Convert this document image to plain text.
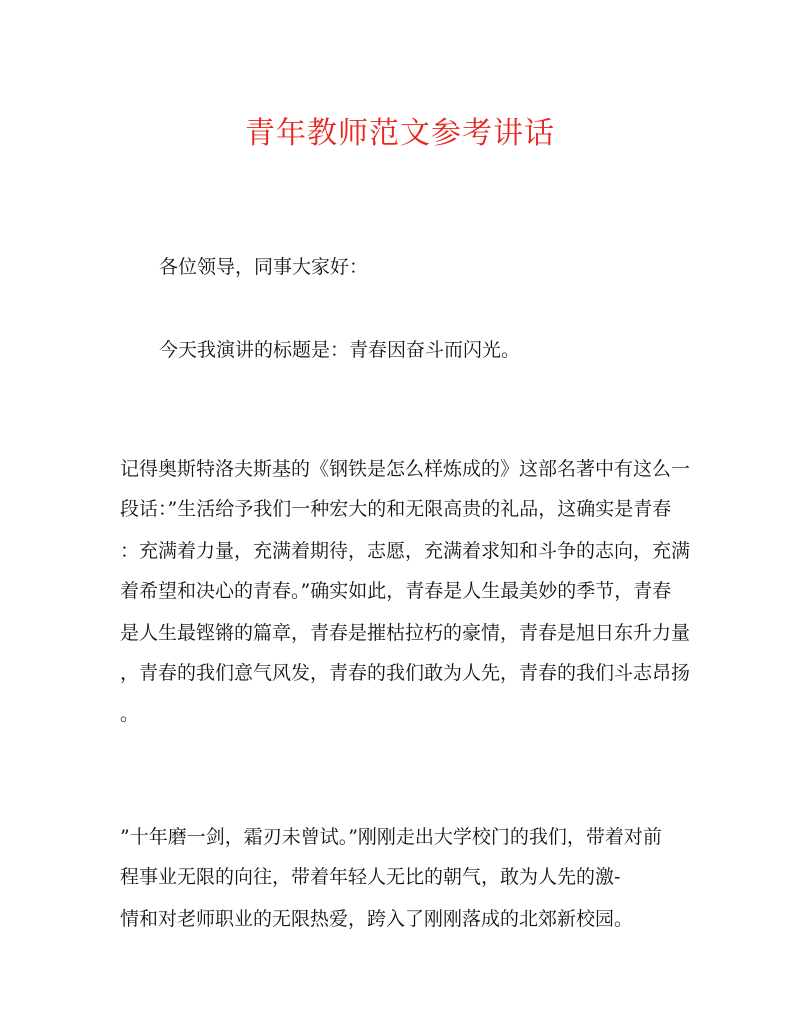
青年教师范文参考讲话
各位领导，同事大家好：
今天我演讲的标题是：青春因奋斗而闪光。
记得奥斯特洛夫斯基的《钢铁是怎么样炼成的》这部名著中有这么一
段话：”生活给予我们一种宏大的和无限高贵的礼品，这确实是青春
：充满着力量，充满着期待，志愿，充满着求知和斗争的志向，充满
着希望和决心的青春。”确实如此，青春是人生最美妙的季节，青春
是人生最铿锵的篇章，青春是摧枯拉朽的豪情，青春是旭日东升力量
，青春的我们意气风发，青春的我们敢为人先，青春的我们斗志昂扬
。
”十年磨一剑，霜刃未曾试。”刚刚走出大学校门的我们，带着对前
程事业无限的向往，带着年轻人无比的朝气，敢为人先的激-
情和对老师职业的无限热爱，跨入了刚刚落成的北郊新校园。
